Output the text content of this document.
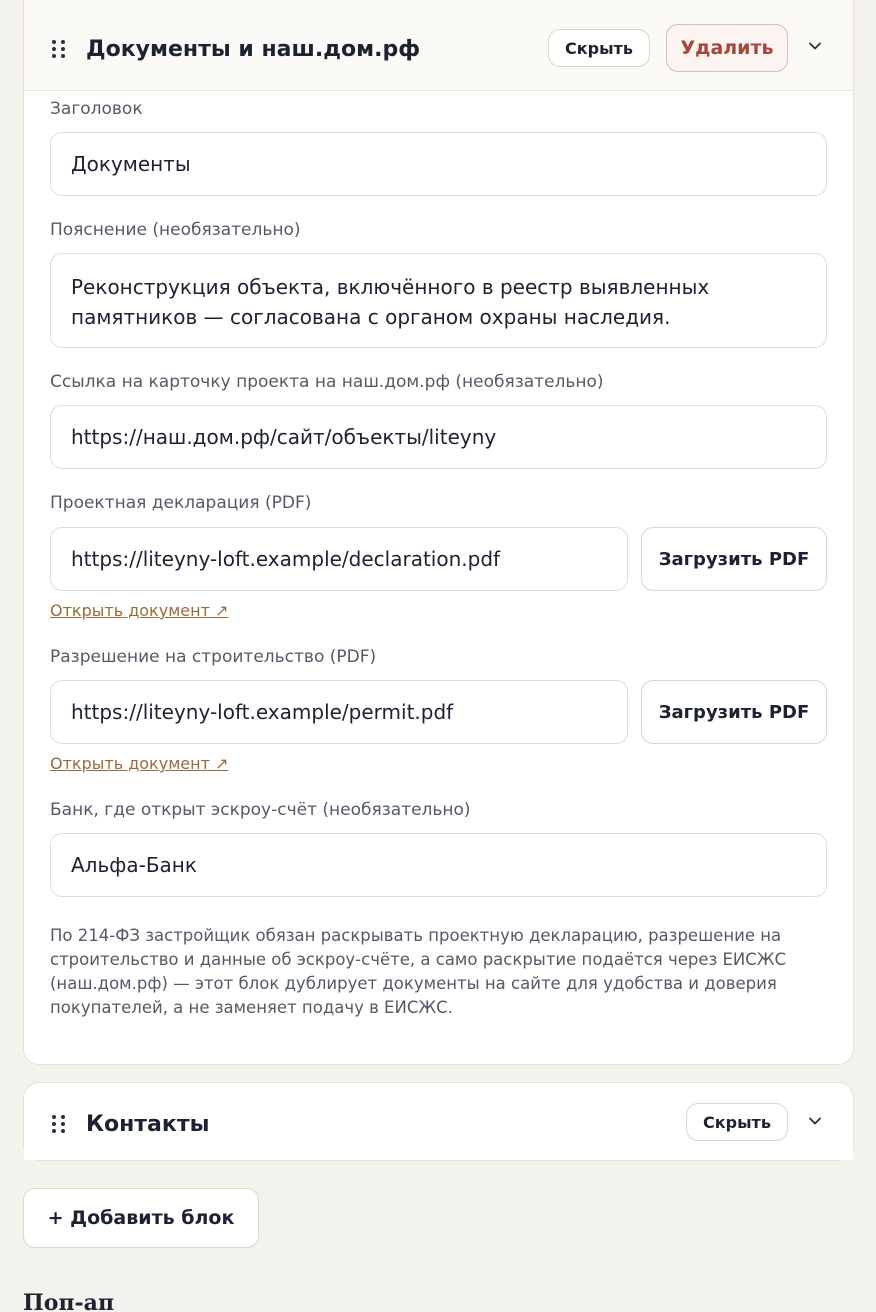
Документы и наш.дом.рф	Скрыть	Удалить
Заголовок
Документы
Пояснение (необязательно)
Реконструкция объекта, включённого в реестр выявленных памятников — согласована с органом охраны наследия.
Ссылка на карточку проекта на наш.дом.рф (необязательно)
https://наш.дом.рф/сайт/объекты/liteyny
Проектная декларация (PDF)
https://liteyny-loft.example/declaration.pdf	Загрузить PDF
Открыть документ ↗
Разрешение на строительство (PDF)
https://liteyny-loft.example/permit.pdf	Загрузить PDF
Открыть документ ↗
Банк, где открыт эскроу-счёт (необязательно)
Альфа-Банк
По 214-ФЗ застройщик обязан раскрывать проектную декларацию, разрешение на строительство и данные об эскроу-счёте, а само раскрытие подаётся через ЕИСЖС (наш.дом.рф) — этот блок дублирует документы на сайте для удобства и доверия покупателей, а не заменяет подачу в ЕИСЖС.
Контакты	Скрыть
+ Добавить блок
Поп-ап
